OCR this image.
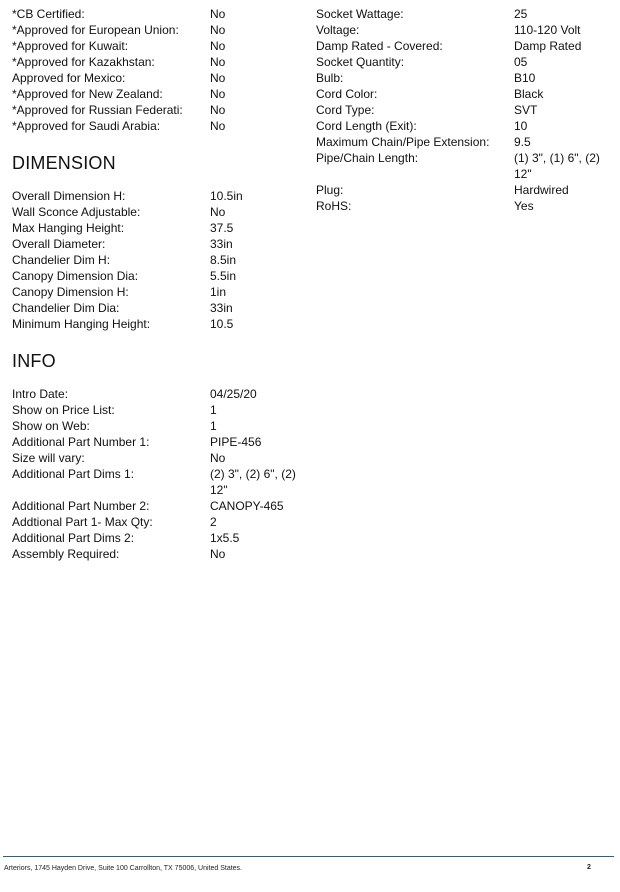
*CB Certified:	No
*Approved for European Union:	No
*Approved for Kuwait:	No
*Approved for Kazakhstan:	No
Approved for Mexico:	No
*Approved for New Zealand:	No
*Approved for Russian Federati:	No
*Approved for Saudi Arabia:	No
DIMENSION
Overall Dimension H:	10.5in
Wall Sconce Adjustable:	No
Max Hanging Height:	37.5
Overall Diameter:	33in
Chandelier Dim H:	8.5in
Canopy Dimension Dia:	5.5in
Canopy Dimension H:	1in
Chandelier Dim Dia:	33in
Minimum Hanging Height:	10.5
INFO
Intro Date:	04/25/20
Show on Price List:	1
Show on Web:	1
Additional Part Number 1:	PIPE-456
Size will vary:	No
Additional Part Dims 1:	(2) 3", (2) 6", (2) 12"
Additional Part Number 2:	CANOPY-465
Addtional Part 1- Max Qty:	2
Additional Part Dims 2:	1x5.5
Assembly Required:	No
Socket Wattage:	25
Voltage:	110-120 Volt
Damp Rated - Covered:	Damp Rated
Socket Quantity:	05
Bulb:	B10
Cord Color:	Black
Cord Type:	SVT
Cord Length (Exit):	10
Maximum Chain/Pipe Extension:	9.5
Pipe/Chain Length:	(1) 3", (1) 6", (2) 12"
Plug:	Hardwired
RoHS:	Yes
Arteriors, 1745 Hayden Drive, Suite 100 Carrollton, TX 75006, United States.	2
